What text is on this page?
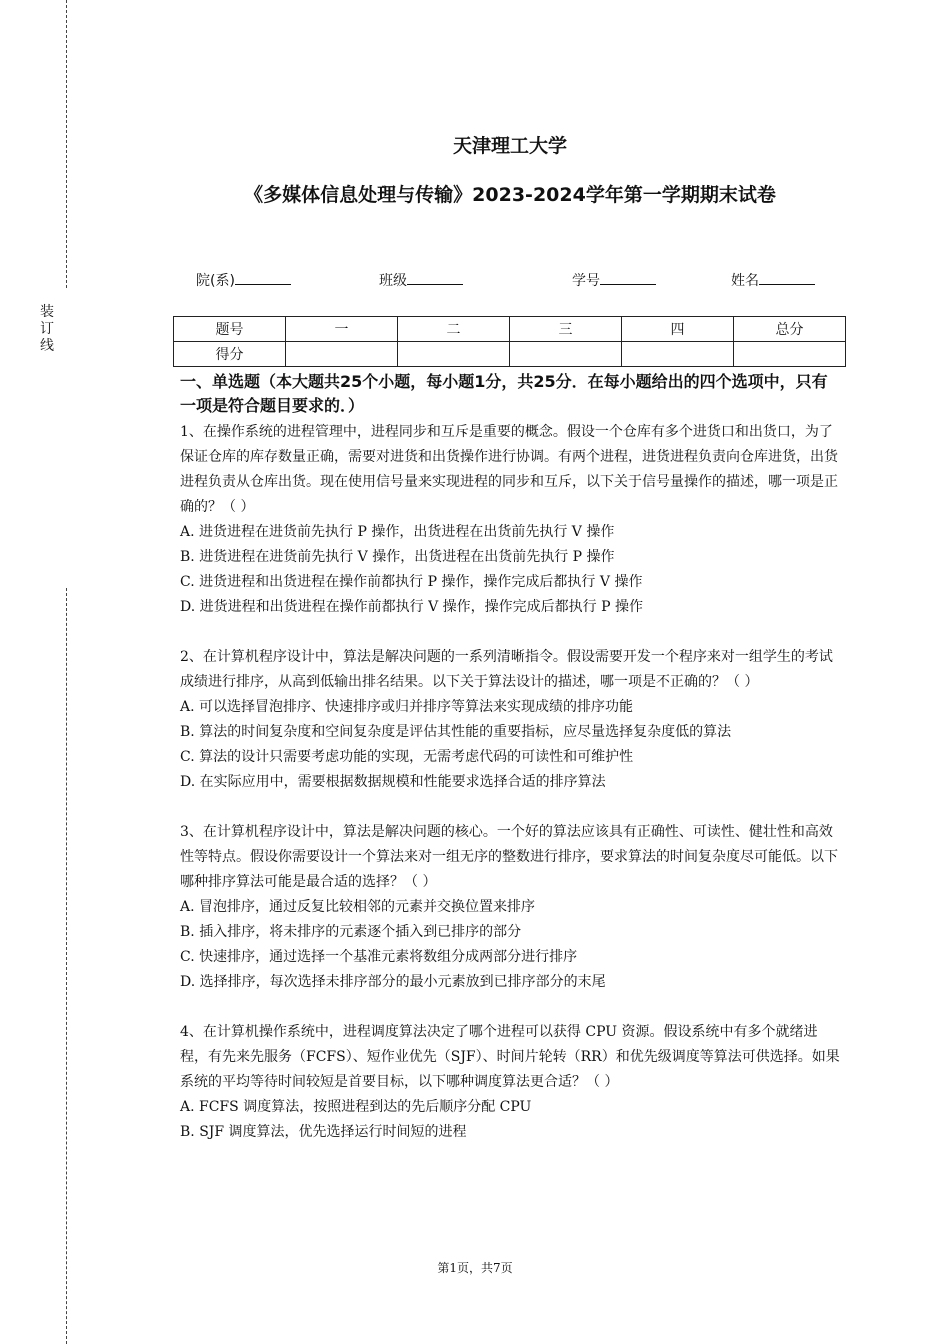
装
订
线
天津理工大学
《多媒体信息处理与传输》2023-2024学年第一学期期末试卷
院(系)	班级	学号	姓名
题号	一	二	三	四	总分
得分					
一、单选题（本大题共25个小题，每小题1分，共25分．在每小题给出的四个选项中，只有一项是符合题目要求的．）

1、在操作系统的进程管理中，进程同步和互斥是重要的概念。假设一个仓库有多个进货口和出货口，为了保证仓库的库存数量正确，需要对进货和出货操作进行协调。有两个进程，进货进程负责向仓库进货，出货进程负责从仓库出货。现在使用信号量来实现进程的同步和互斥，以下关于信号量操作的描述，哪一项是正确的？（ ）

A. 进货进程在进货前先执行 P 操作，出货进程在出货前先执行 V 操作

B. 进货进程在进货前先执行 V 操作，出货进程在出货前先执行 P 操作

C. 进货进程和出货进程在操作前都执行 P 操作，操作完成后都执行 V 操作

D. 进货进程和出货进程在操作前都执行 V 操作，操作完成后都执行 P 操作

2、在计算机程序设计中，算法是解决问题的一系列清晰指令。假设需要开发一个程序来对一组学生的考试成绩进行排序，从高到低输出排名结果。以下关于算法设计的描述，哪一项是不正确的？（ ）

A. 可以选择冒泡排序、快速排序或归并排序等算法来实现成绩的排序功能

B. 算法的时间复杂度和空间复杂度是评估其性能的重要指标，应尽量选择复杂度低的算法

C. 算法的设计只需要考虑功能的实现，无需考虑代码的可读性和可维护性

D. 在实际应用中，需要根据数据规模和性能要求选择合适的排序算法

3、在计算机程序设计中，算法是解决问题的核心。一个好的算法应该具有正确性、可读性、健壮性和高效性等特点。假设你需要设计一个算法来对一组无序的整数进行排序，要求算法的时间复杂度尽可能低。以下哪种排序算法可能是最合适的选择？（ ）

A. 冒泡排序，通过反复比较相邻的元素并交换位置来排序

B. 插入排序，将未排序的元素逐个插入到已排序的部分

C. 快速排序，通过选择一个基准元素将数组分成两部分进行排序

D. 选择排序，每次选择未排序部分的最小元素放到已排序部分的末尾

4、在计算机操作系统中，进程调度算法决定了哪个进程可以获得 CPU 资源。假设系统中有多个就绪进程，有先来先服务（FCFS）、短作业优先（SJF）、时间片轮转（RR）和优先级调度等算法可供选择。如果系统的平均等待时间较短是首要目标，以下哪种调度算法更合适？（ ）

A. FCFS 调度算法，按照进程到达的先后顺序分配 CPU

B. SJF 调度算法，优先选择运行时间短的进程

第1页，共7页
